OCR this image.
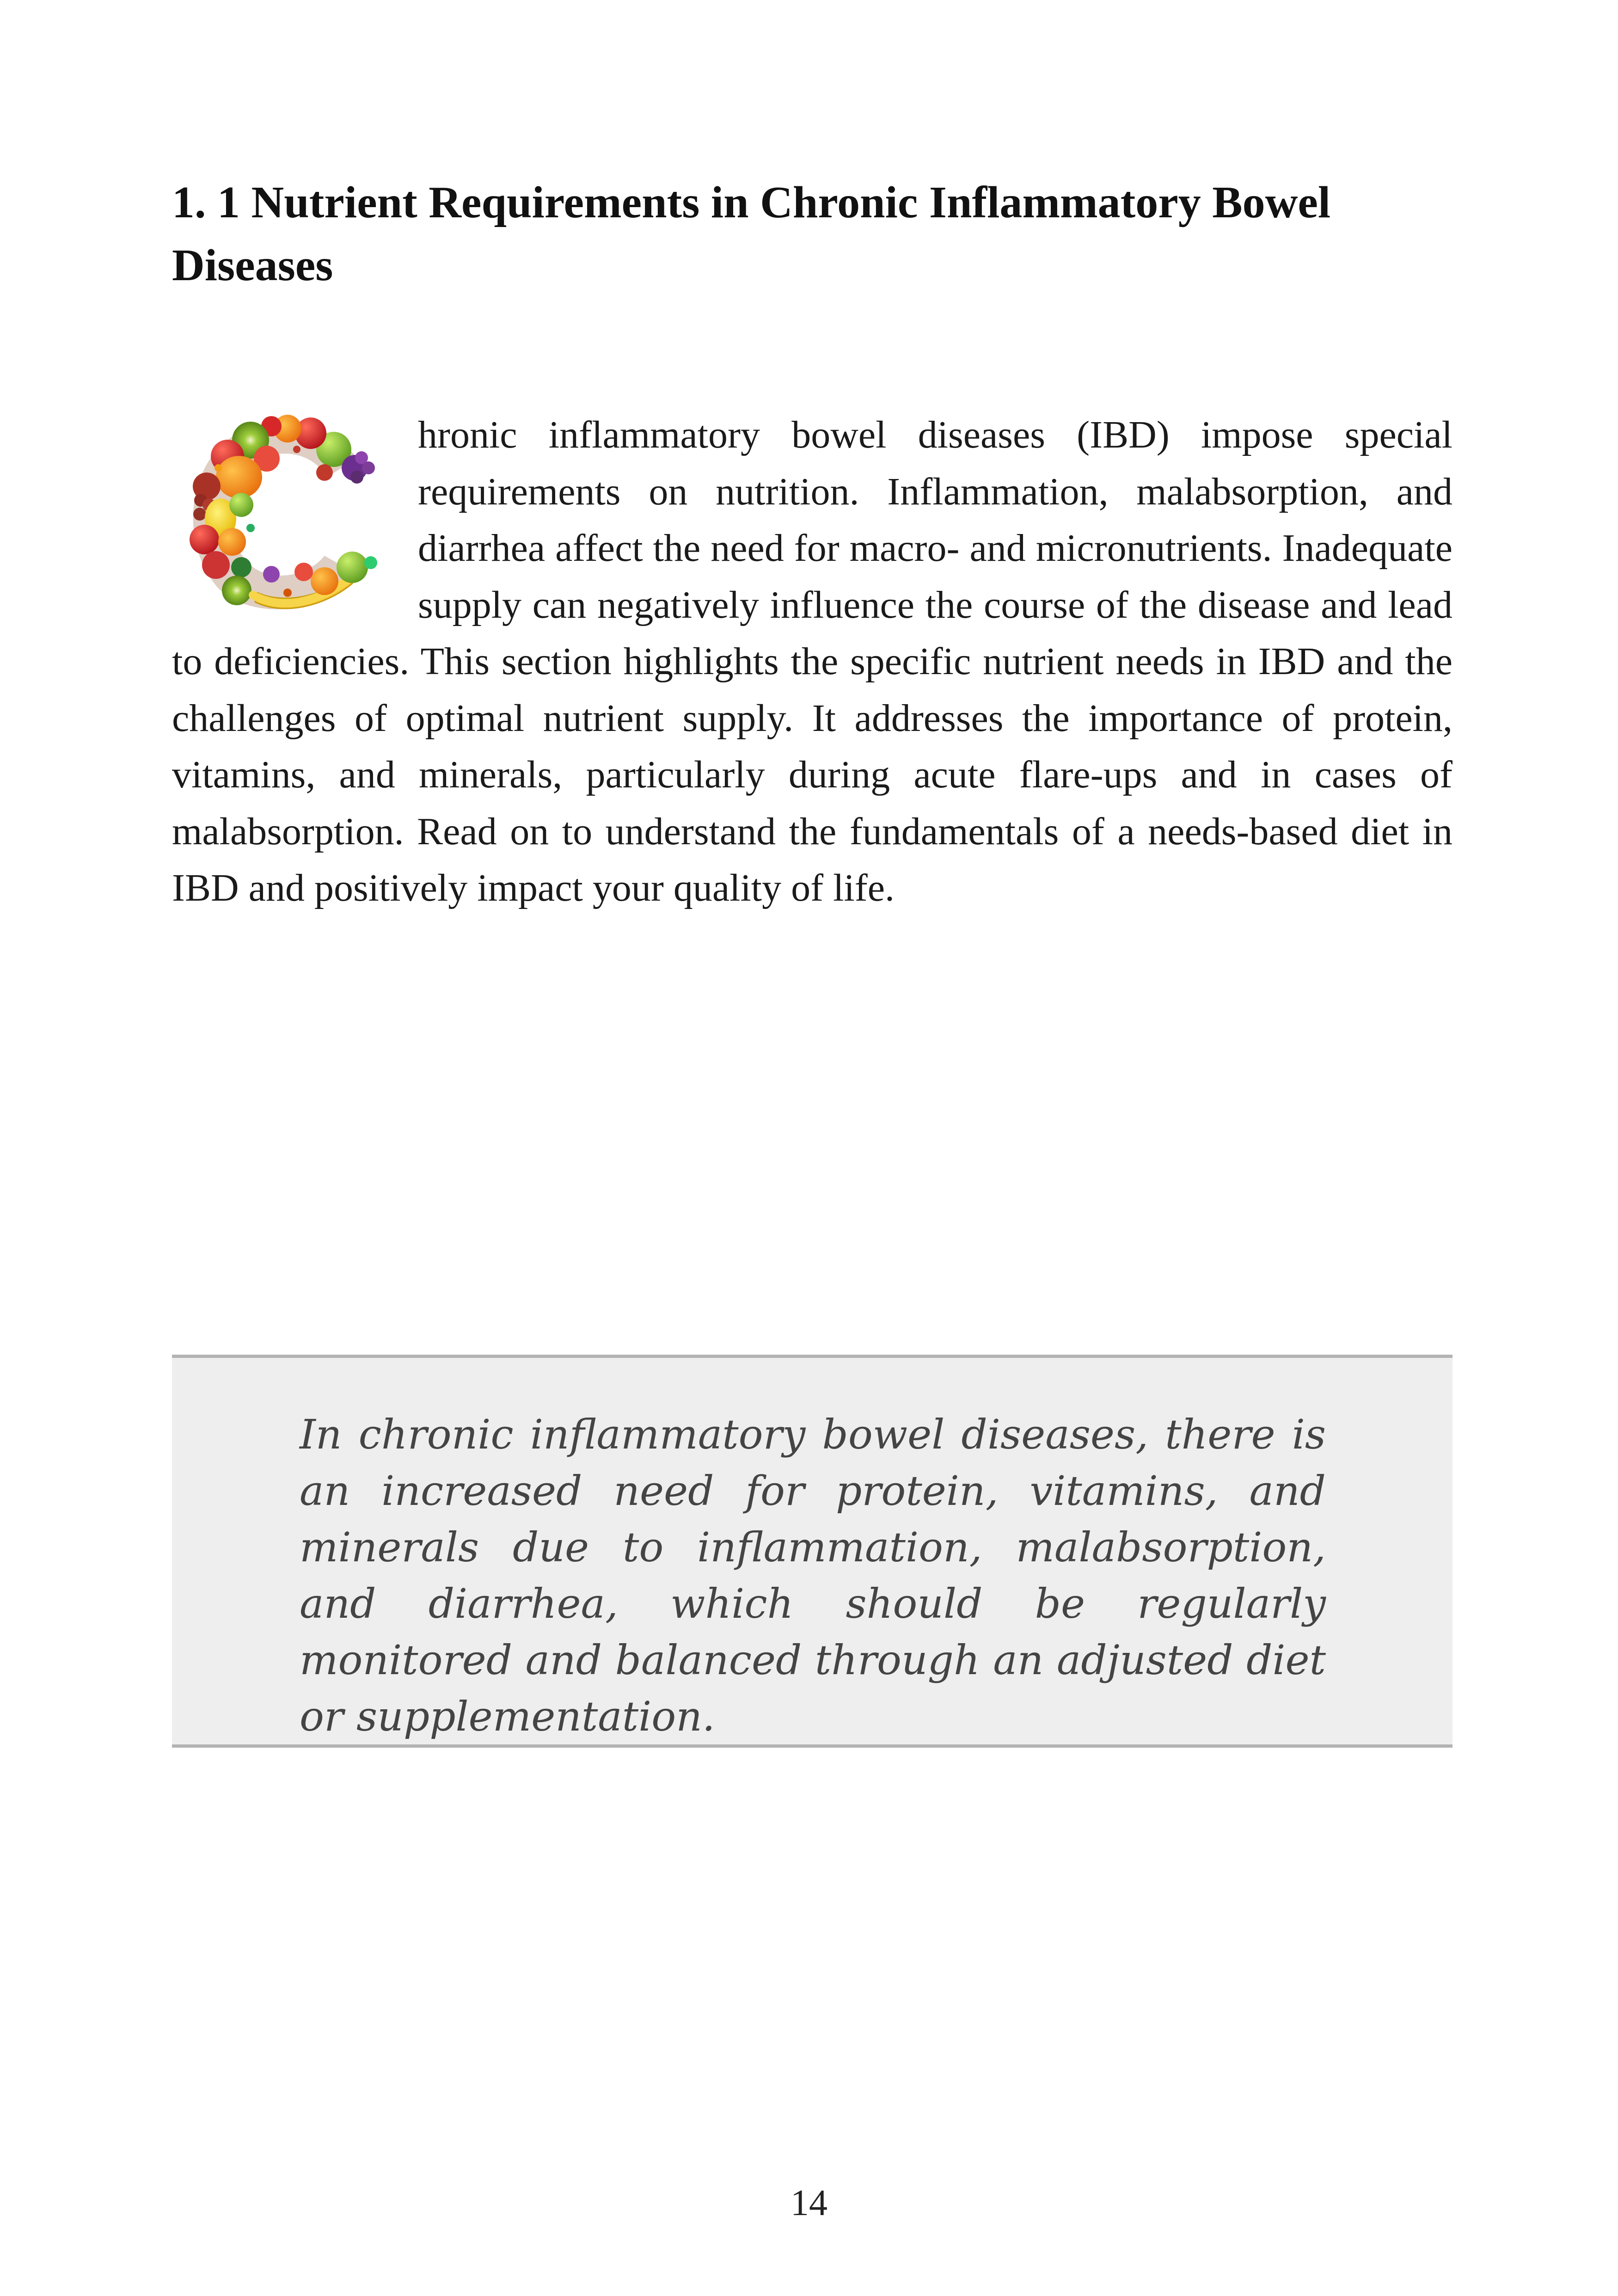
1. 1 Nutrient Requirements in Chronic Inflammatory Bowel Diseases

hronic inflammatory bowel diseases (IBD) impose special requirements on nutrition. Inflammation, malabsorption, and diarrhea affect the need for macro- and micronutrients. Inadequate supply can negatively influence the course of the disease and lead to deficiencies. This section highlights the specific nutrient needs in IBD and the challenges of optimal nutrient supply. It addresses the importance of protein, vitamins, and minerals, particularly during acute flare-ups and in cases of malabsorption. Read on to understand the fundamentals of a needs-based diet in IBD and positively impact your quality of life.

In chronic inflammatory bowel diseases, there is an increased need for protein, vitamins, and minerals due to inflammation, malabsorption, and diarrhea, which should be regularly monitored and balanced through an adjusted diet or supplementation.

14
